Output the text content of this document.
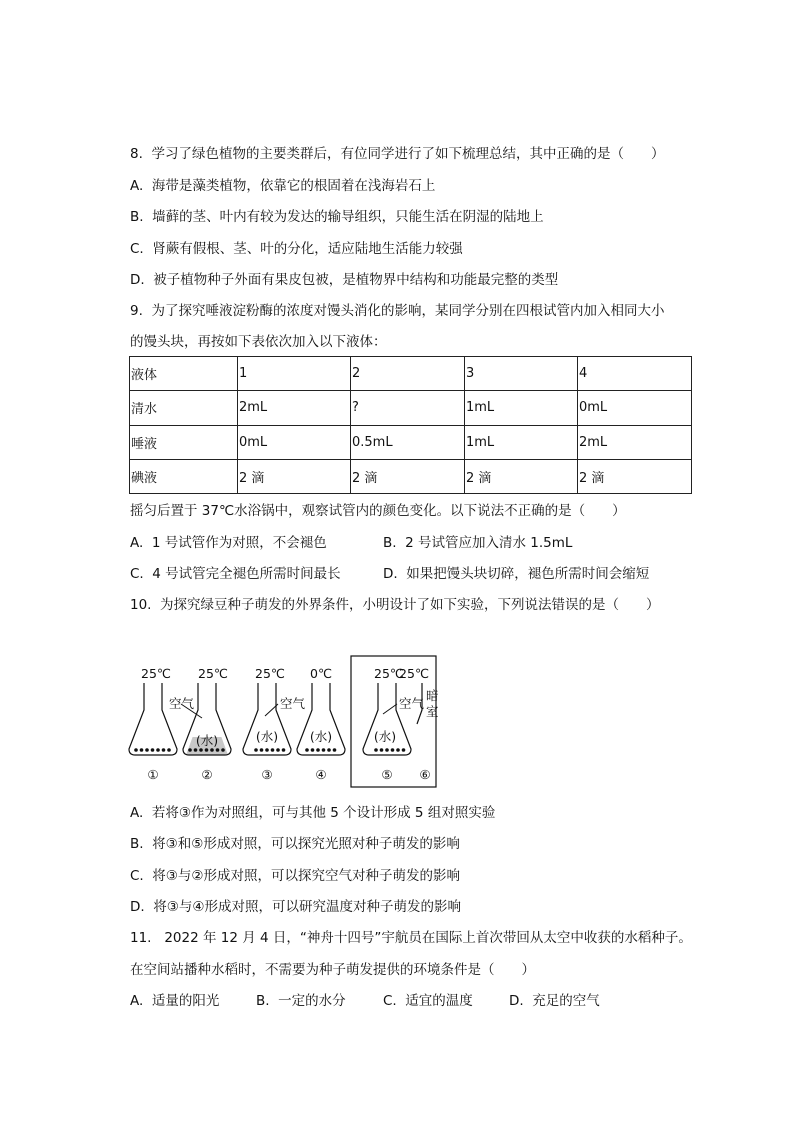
8.  学习了绿色植物的主要类群后，有位同学进行了如下梳理总结，其中正确的是（　　）
A.  海带是藻类植物，依靠它的根固着在浅海岩石上
B.  墙藓的茎、叶内有较为发达的输导组织，只能生活在阴湿的陆地上
C.  肾蕨有假根、茎、叶的分化，适应陆地生活能力较强
D.  被子植物种子外面有果皮包被，是植物界中结构和功能最完整的类型
9.  为了探究唾液淀粉酶的浓度对馒头消化的影响，某同学分别在四根试管内加入相同大小
的馒头块，再按如下表依次加入以下液体：
液体	1	2	3	4
清水	2mL	?	1mL	0mL
唾液	0mL	0.5mL	1mL	2mL
碘液	2 滴	2 滴	2 滴	2 滴
摇匀后置于 37℃水浴锅中，观察试管内的颜色变化。以下说法不正确的是（　　）
A.  1 号试管作为对照，不会褪色	B.  2 号试管应加入清水 1.5mL
C.  4 号试管完全褪色所需时间最长	D.  如果把馒头块切碎，褪色所需时间会缩短
10.  为探究绿豆种子萌发的外界条件，小明设计了如下实验，下列说法错误的是（　　）
25℃ 25℃ 25℃ 0℃	25℃
25℃
暗
室
(水)
空气
(水)	(水)
空气
(水)
空气
①	②	③	④	⑤ ⑥
A.  若将③作为对照组，可与其他 5 个设计形成 5 组对照实验
B.  将③和⑤形成对照，可以探究光照对种子萌发的影响
C.  将③与②形成对照，可以探究空气对种子萌发的影响
D.  将③与④形成对照，可以研究温度对种子萌发的影响
11.   2022 年 12 月 4 日，“神舟十四号”宇航员在国际上首次带回从太空中收获的水稻种子。
在空间站播种水稻时，不需要为种子萌发提供的环境条件是（　　）
A.  适量的阳光	B.  一定的水分	C.  适宜的温度	D.  充足的空气
